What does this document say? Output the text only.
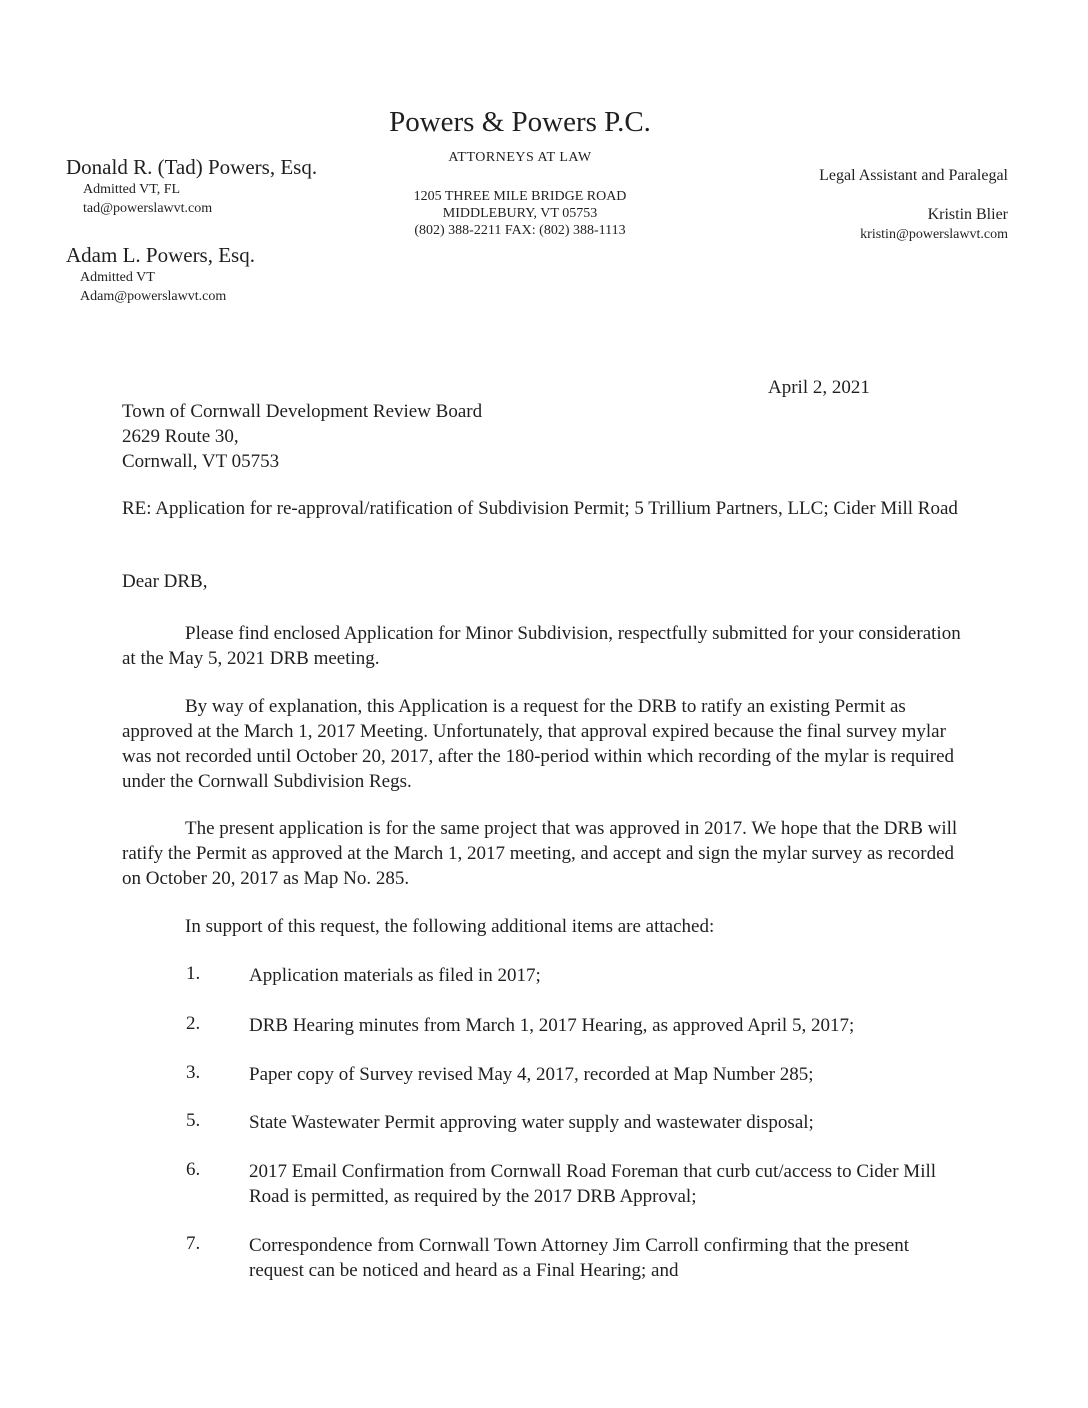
Powers & Powers P.C.
ATTORNEYS AT LAW
1205 THREE MILE BRIDGE ROAD
MIDDLEBURY, VT 05753
(802) 388-2211 FAX: (802) 388-1113
Donald R. (Tad) Powers, Esq.
Admitted VT, FL
tad@powerslawvt.com
Adam L. Powers, Esq.
Admitted VT
Adam@powerslawvt.com
Legal Assistant and Paralegal
Kristin Blier
kristin@powerslawvt.com
April 2, 2021
Town of Cornwall Development Review Board
2629 Route 30,
Cornwall, VT 05753
RE: Application for re-approval/ratification of Subdivision Permit; 5 Trillium Partners, LLC; Cider Mill Road
Dear DRB,
Please find enclosed Application for Minor Subdivision, respectfully submitted for your consideration at the May 5, 2021 DRB meeting.
By way of explanation, this Application is a request for the DRB to ratify an existing Permit as approved at the March 1, 2017 Meeting. Unfortunately, that approval expired because the final survey mylar was not recorded until October 20, 2017, after the 180-period within which recording of the mylar is required under the Cornwall Subdivision Regs.
The present application is for the same project that was approved in 2017. We hope that the DRB will ratify the Permit as approved at the March 1, 2017 meeting, and accept and sign the mylar survey as recorded on October 20, 2017 as Map No. 285.
In support of this request, the following additional items are attached:
1.	Application materials as filed in 2017;
2.	DRB Hearing minutes from March 1, 2017 Hearing, as approved April 5, 2017;
3.	Paper copy of Survey revised May 4, 2017, recorded at Map Number 285;
5.	State Wastewater Permit approving water supply and wastewater disposal;
6.	2017 Email Confirmation from Cornwall Road Foreman that curb cut/access to Cider Mill Road is permitted, as required by the 2017 DRB Approval;
7.	Correspondence from Cornwall Town Attorney Jim Carroll confirming that the present request can be noticed and heard as a Final Hearing; and
